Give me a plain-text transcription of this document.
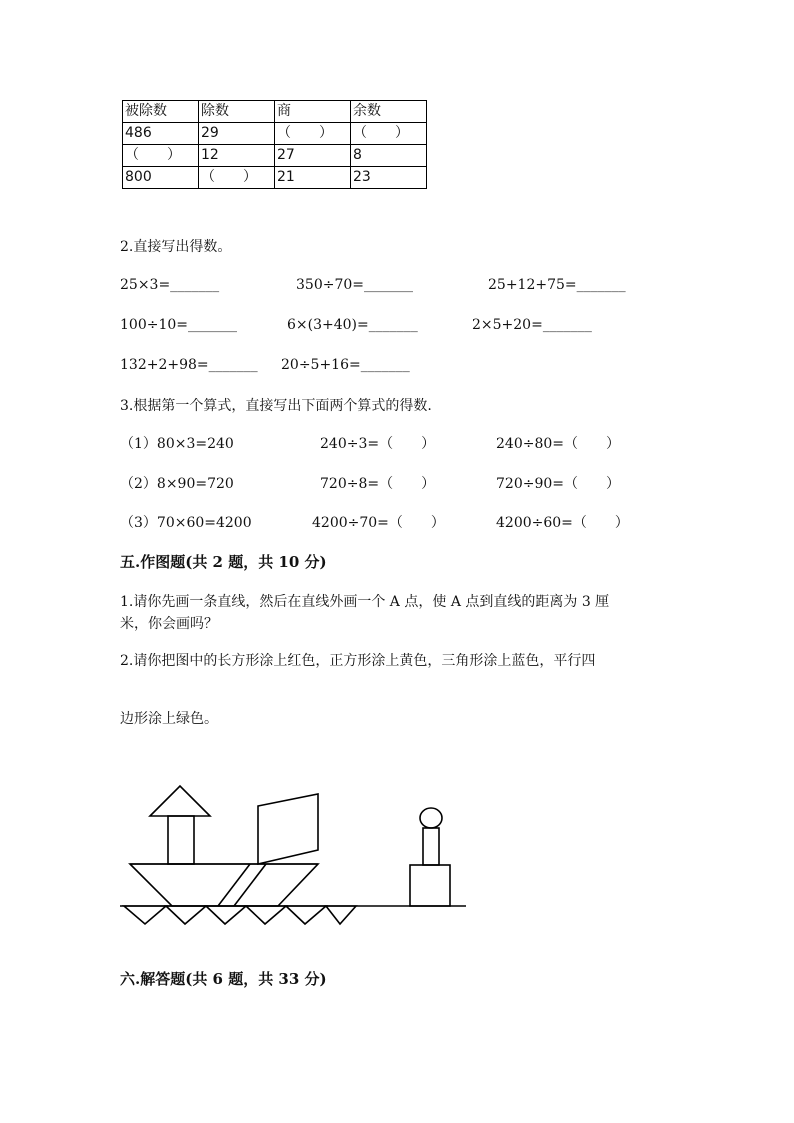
被除数	除数	商	余数
486	29	（　　）	（　　）
（　　）	12	27	8
800	（　　）	21	23
2.直接写出得数。
25×3=_______	350÷70=_______	25+12+75=_______
100÷10=_______	6×(3+40)=_______	2×5+20=_______
132+2+98=_______ 20÷5+16=_______
3.根据第一个算式，直接写出下面两个算式的得数.
（1）80×3=240	240÷3=（　　）	240÷80=（　　）
（2）8×90=720	720÷8=（　　）	720÷90=（　　）
（3）70×60=4200	4200÷70=（　　）	4200÷60=（　　）
五.作图题(共 2 题，共 10 分)
1.请你先画一条直线，然后在直线外画一个 A 点，使 A 点到直线的距离为 3 厘
米，你会画吗？
2.请你把图中的长方形涂上红色，正方形涂上黄色，三角形涂上蓝色，平行四
边形涂上绿色。
六.解答题(共 6 题，共 33 分)
